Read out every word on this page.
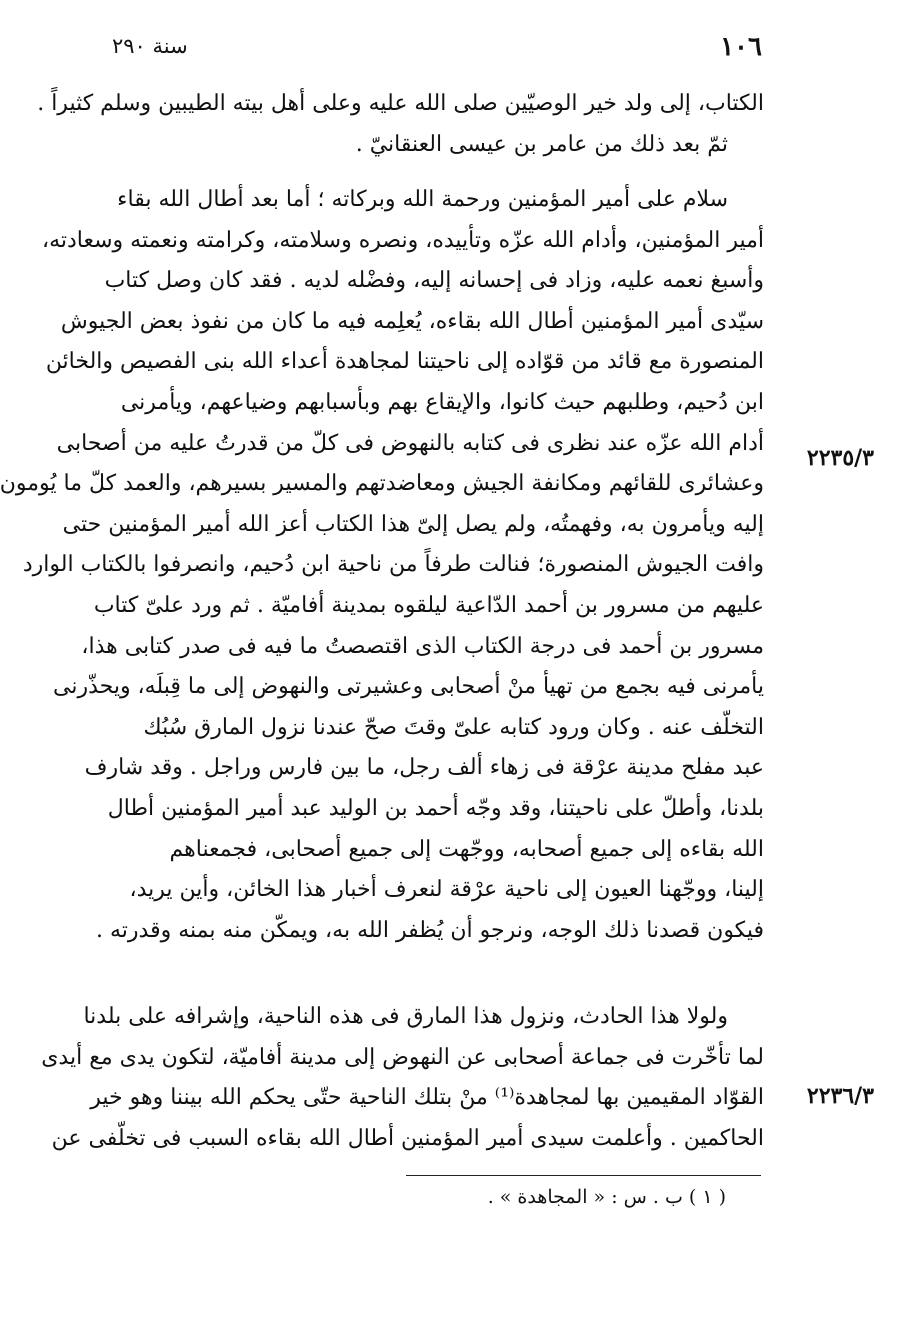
١٠٦
سنة ٢٩٠
الكتاب، إلى ولد خير الوصيّين صلى الله عليه وعلى أهل بيته الطيبين وسلم كثيراً .
ثمّ بعد ذلك من عامر بن عيسى العنقانيّ .
سلام على أمير المؤمنين ورحمة الله وبركاته ؛ أما بعد أطال الله بقاء
أمير المؤمنين، وأدام الله عزّه وتأييده، ونصره وسلامته، وكرامته ونعمته وسعادته،
وأسبغ نعمه عليه، وزاد فى إحسانه إليه، وفضْله لديه . فقد كان وصل كتاب
سيّدى أمير المؤمنين أطال الله بقاءه، يُعلِمه فيه ما كان من نفوذ بعض الجيوش
المنصورة مع قائد من قوّاده إلى ناحيتنا لمجاهدة أعداء الله بنى الفصيص والخائن
ابن دُحيم، وطلبهم حيث كانوا، والإيقاع بهم وبأسبابهم وضياعهم، ويأمرنى
أدام الله عزّه عند نظرى فى كتابه بالنهوض فى كلّ من قدرتُ عليه من أصحابى
وعشائرى للقائهم ومكانفة الجيش ومعاضدتهم والمسير بسيرهم، والعمد كلّ ما يُومون
إليه ويأمرون به، وفهمتُه، ولم يصل إلىّ هذا الكتاب أعز الله أمير المؤمنين حتى
وافت الجيوش المنصورة؛ فنالت طرفاً من ناحية ابن دُحيم، وانصرفوا بالكتاب الوارد
عليهم من مسرور بن أحمد الدّاعية ليلقوه بمدينة أفاميّة . ثم ورد علىّ كتاب
مسرور بن أحمد فى درجة الكتاب الذى اقتصصتُ ما فيه فى صدر كتابى هذا،
يأمرنى فيه بجمع من تهيأ منْ أصحابى وعشيرتى والنهوض إلى ما قِبلَه، ويحذّرنى
التخلّف عنه . وكان ورود كتابه علىّ وقتَ صحّ عندنا نزول المارق سُبُك
عبد مفلح مدينة عرْقة فى زهاء ألف رجل، ما بين فارس وراجل . وقد شارف
بلدنا، وأطلّ على ناحيتنا، وقد وجّه أحمد بن الوليد عبد أمير المؤمنين أطال
الله بقاءه إلى جميع أصحابه، ووجّهت إلى جميع أصحابى، فجمعناهم
إلينا، ووجّهنا العيون إلى ناحية عرْقة لنعرف أخبار هذا الخائن، وأين يريد،
فيكون قصدنا ذلك الوجه، ونرجو أن يُظفر الله به، ويمكّن منه بمنه وقدرته .
ولولا هذا الحادث، ونزول هذا المارق فى هذه الناحية، وإشرافه على بلدنا
لما تأخّرت فى جماعة أصحابى عن النهوض إلى مدينة أفاميّة، لتكون يدى مع أيدى
القوّاد المقيمين بها لمجاهدة⁽¹⁾ منْ بتلك الناحية حتّى يحكم الله بيننا وهو خير
الحاكمين . وأعلمت سيدى أمير المؤمنين أطال الله بقاءه السبب فى تخلّفى عن
٢٢٣٥/٣
٢٢٣٦/٣
( ١ ) ب . س : « المجاهدة » .
